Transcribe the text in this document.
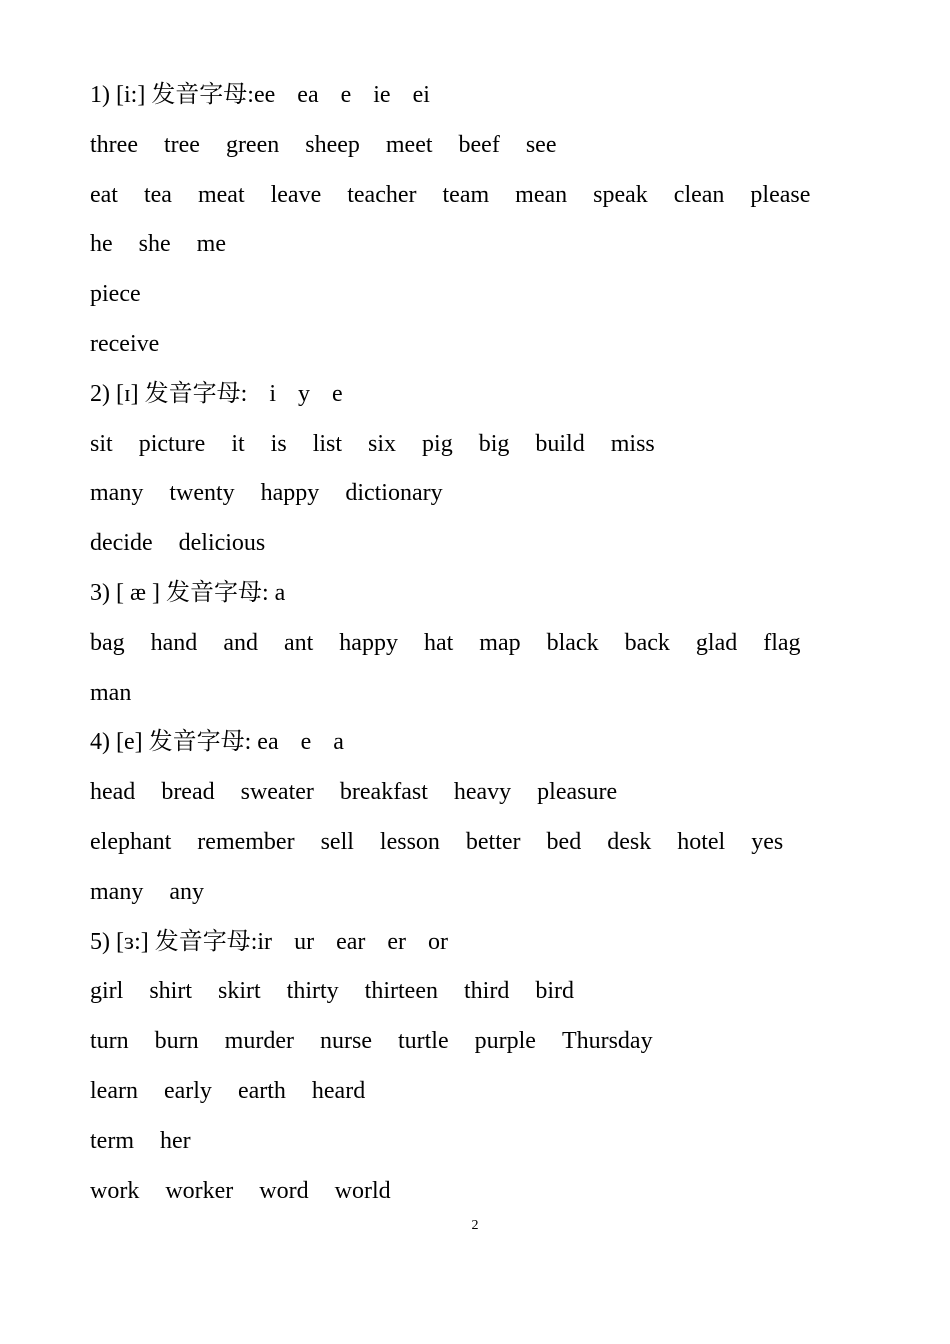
1) [i:] 发音字母:ee ea e ie ei
three tree green sheep meet beef see
eat tea meat leave teacher team mean speak clean please
he she me
piece
receive
2) [ɪ] 发音字母: i y e
sit picture it is list six pig big build miss
many twenty happy dictionary
decide delicious
3) [ æ ] 发音字母: a
bag hand and ant happy hat map black back glad flag
man
4) [e] 发音字母: ea e a
head bread sweater breakfast heavy pleasure
elephant remember sell lesson better bed desk hotel yes
many any
5) [ɜ:] 发音字母:ir ur ear er or
girl shirt skirt thirty thirteen third bird
turn burn murder nurse turtle purple Thursday
learn early earth heard
term her
work worker word world
2
